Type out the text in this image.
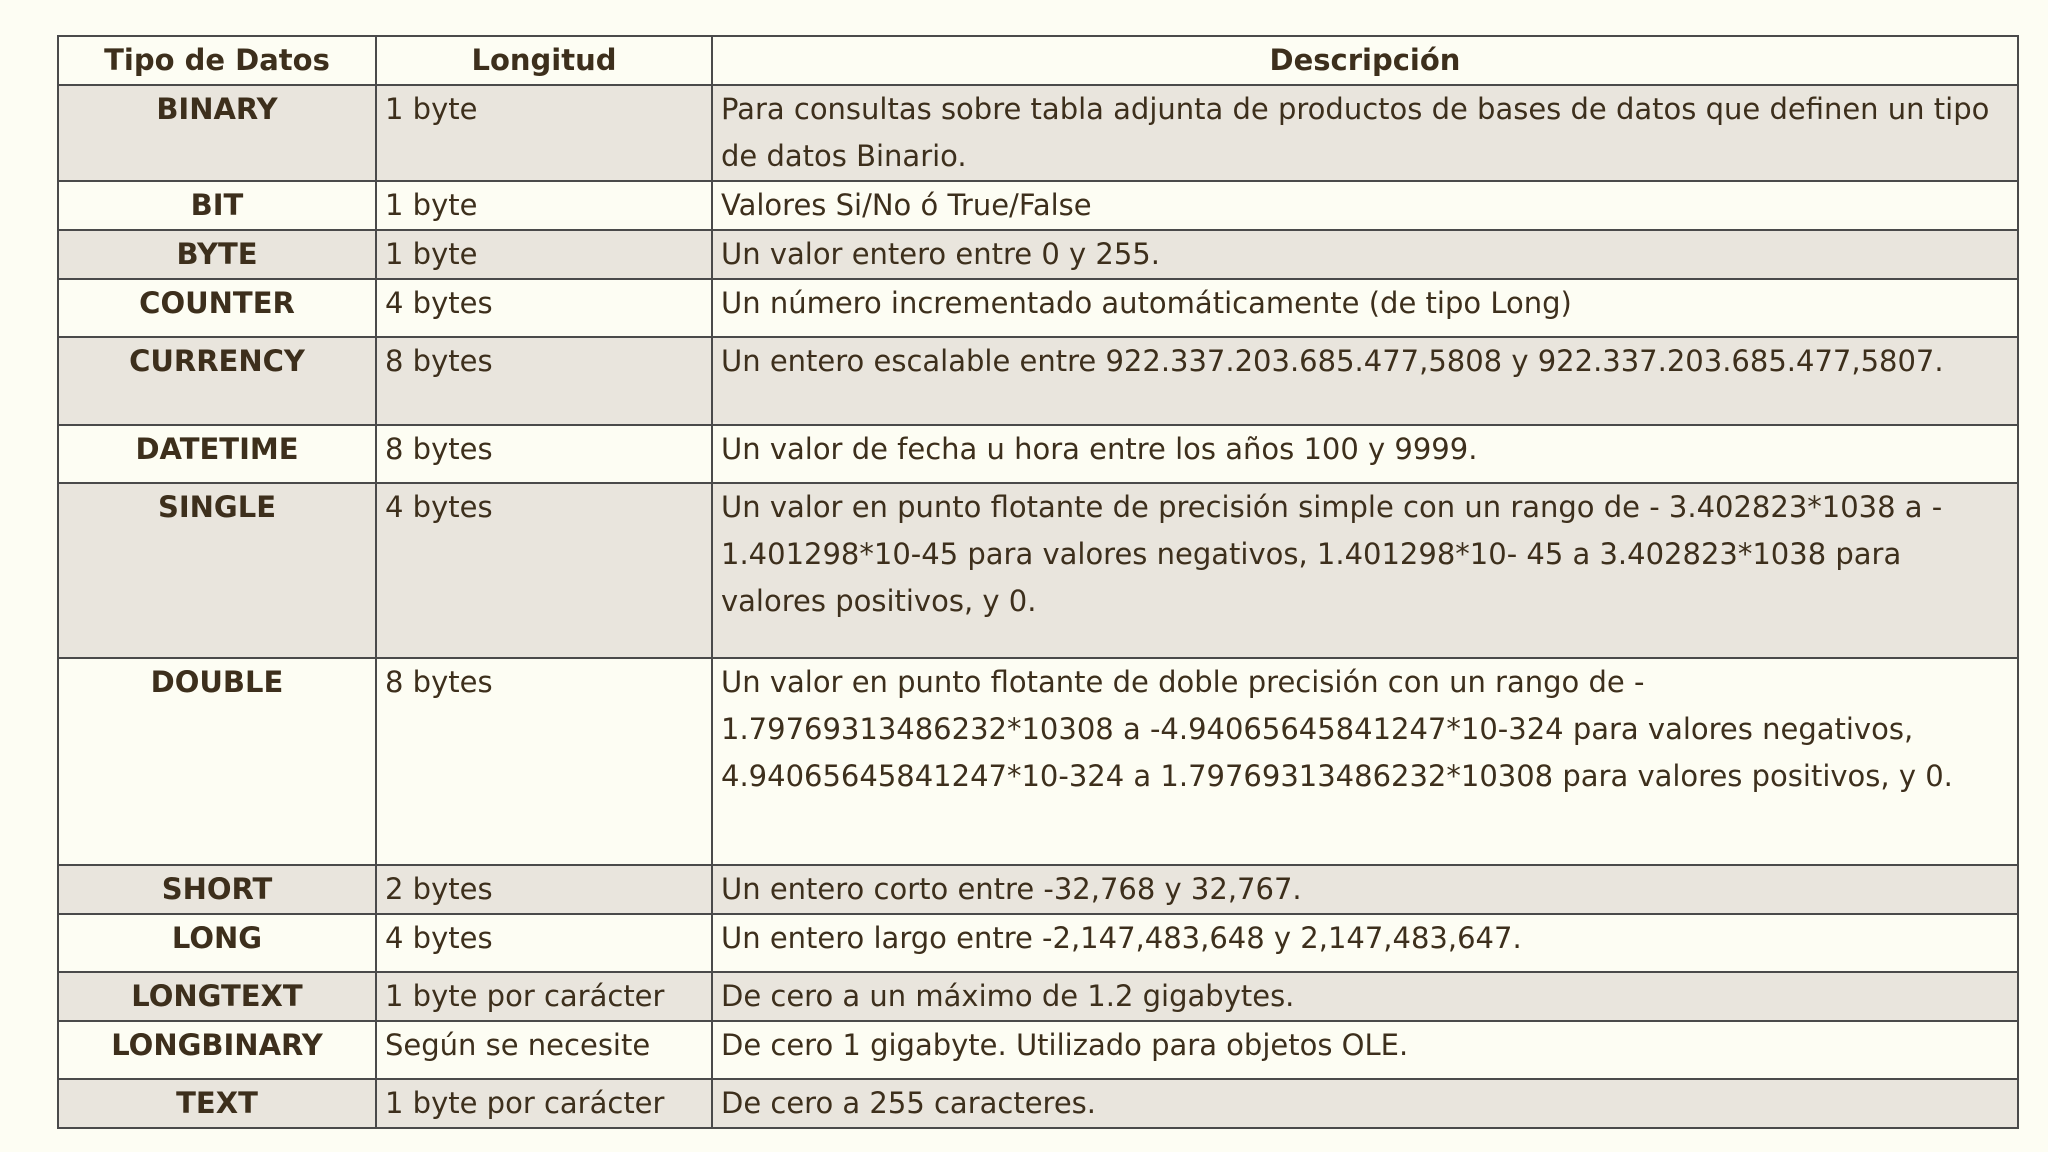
Tipo de Datos	Longitud	Descripción
BINARY	1 byte	Para consultas sobre tabla adjunta de productos de bases de datos que definen un tipo de datos Binario.
BIT	1 byte	Valores Si/No ó True/False
BYTE	1 byte	Un valor entero entre 0 y 255.
COUNTER	4 bytes	Un número incrementado automáticamente (de tipo Long)
CURRENCY	8 bytes	Un entero escalable entre 922.337.203.685.477,5808 y 922.337.203.685.477,5807.
DATETIME	8 bytes	Un valor de fecha u hora entre los años 100 y 9999.
SINGLE	4 bytes	Un valor en punto flotante de precisión simple con un rango de - 3.402823*1038 a - 1.401298*10-45 para valores negativos, 1.401298*10- 45 a 3.402823*1038 para valores positivos, y 0.
DOUBLE	8 bytes	Un valor en punto flotante de doble precisión con un rango de - 1.79769313486232*10308 a -4.94065645841247*10-324 para valores negativos, 4.94065645841247*10-324 a 1.79769313486232*10308 para valores positivos, y 0.
SHORT	2 bytes	Un entero corto entre -32,768 y 32,767.
LONG	4 bytes	Un entero largo entre -2,147,483,648 y 2,147,483,647.
LONGTEXT	1 byte por carácter	De cero a un máximo de 1.2 gigabytes.
LONGBINARY	Según se necesite	De cero 1 gigabyte. Utilizado para objetos OLE.
TEXT	1 byte por carácter	De cero a 255 caracteres.
